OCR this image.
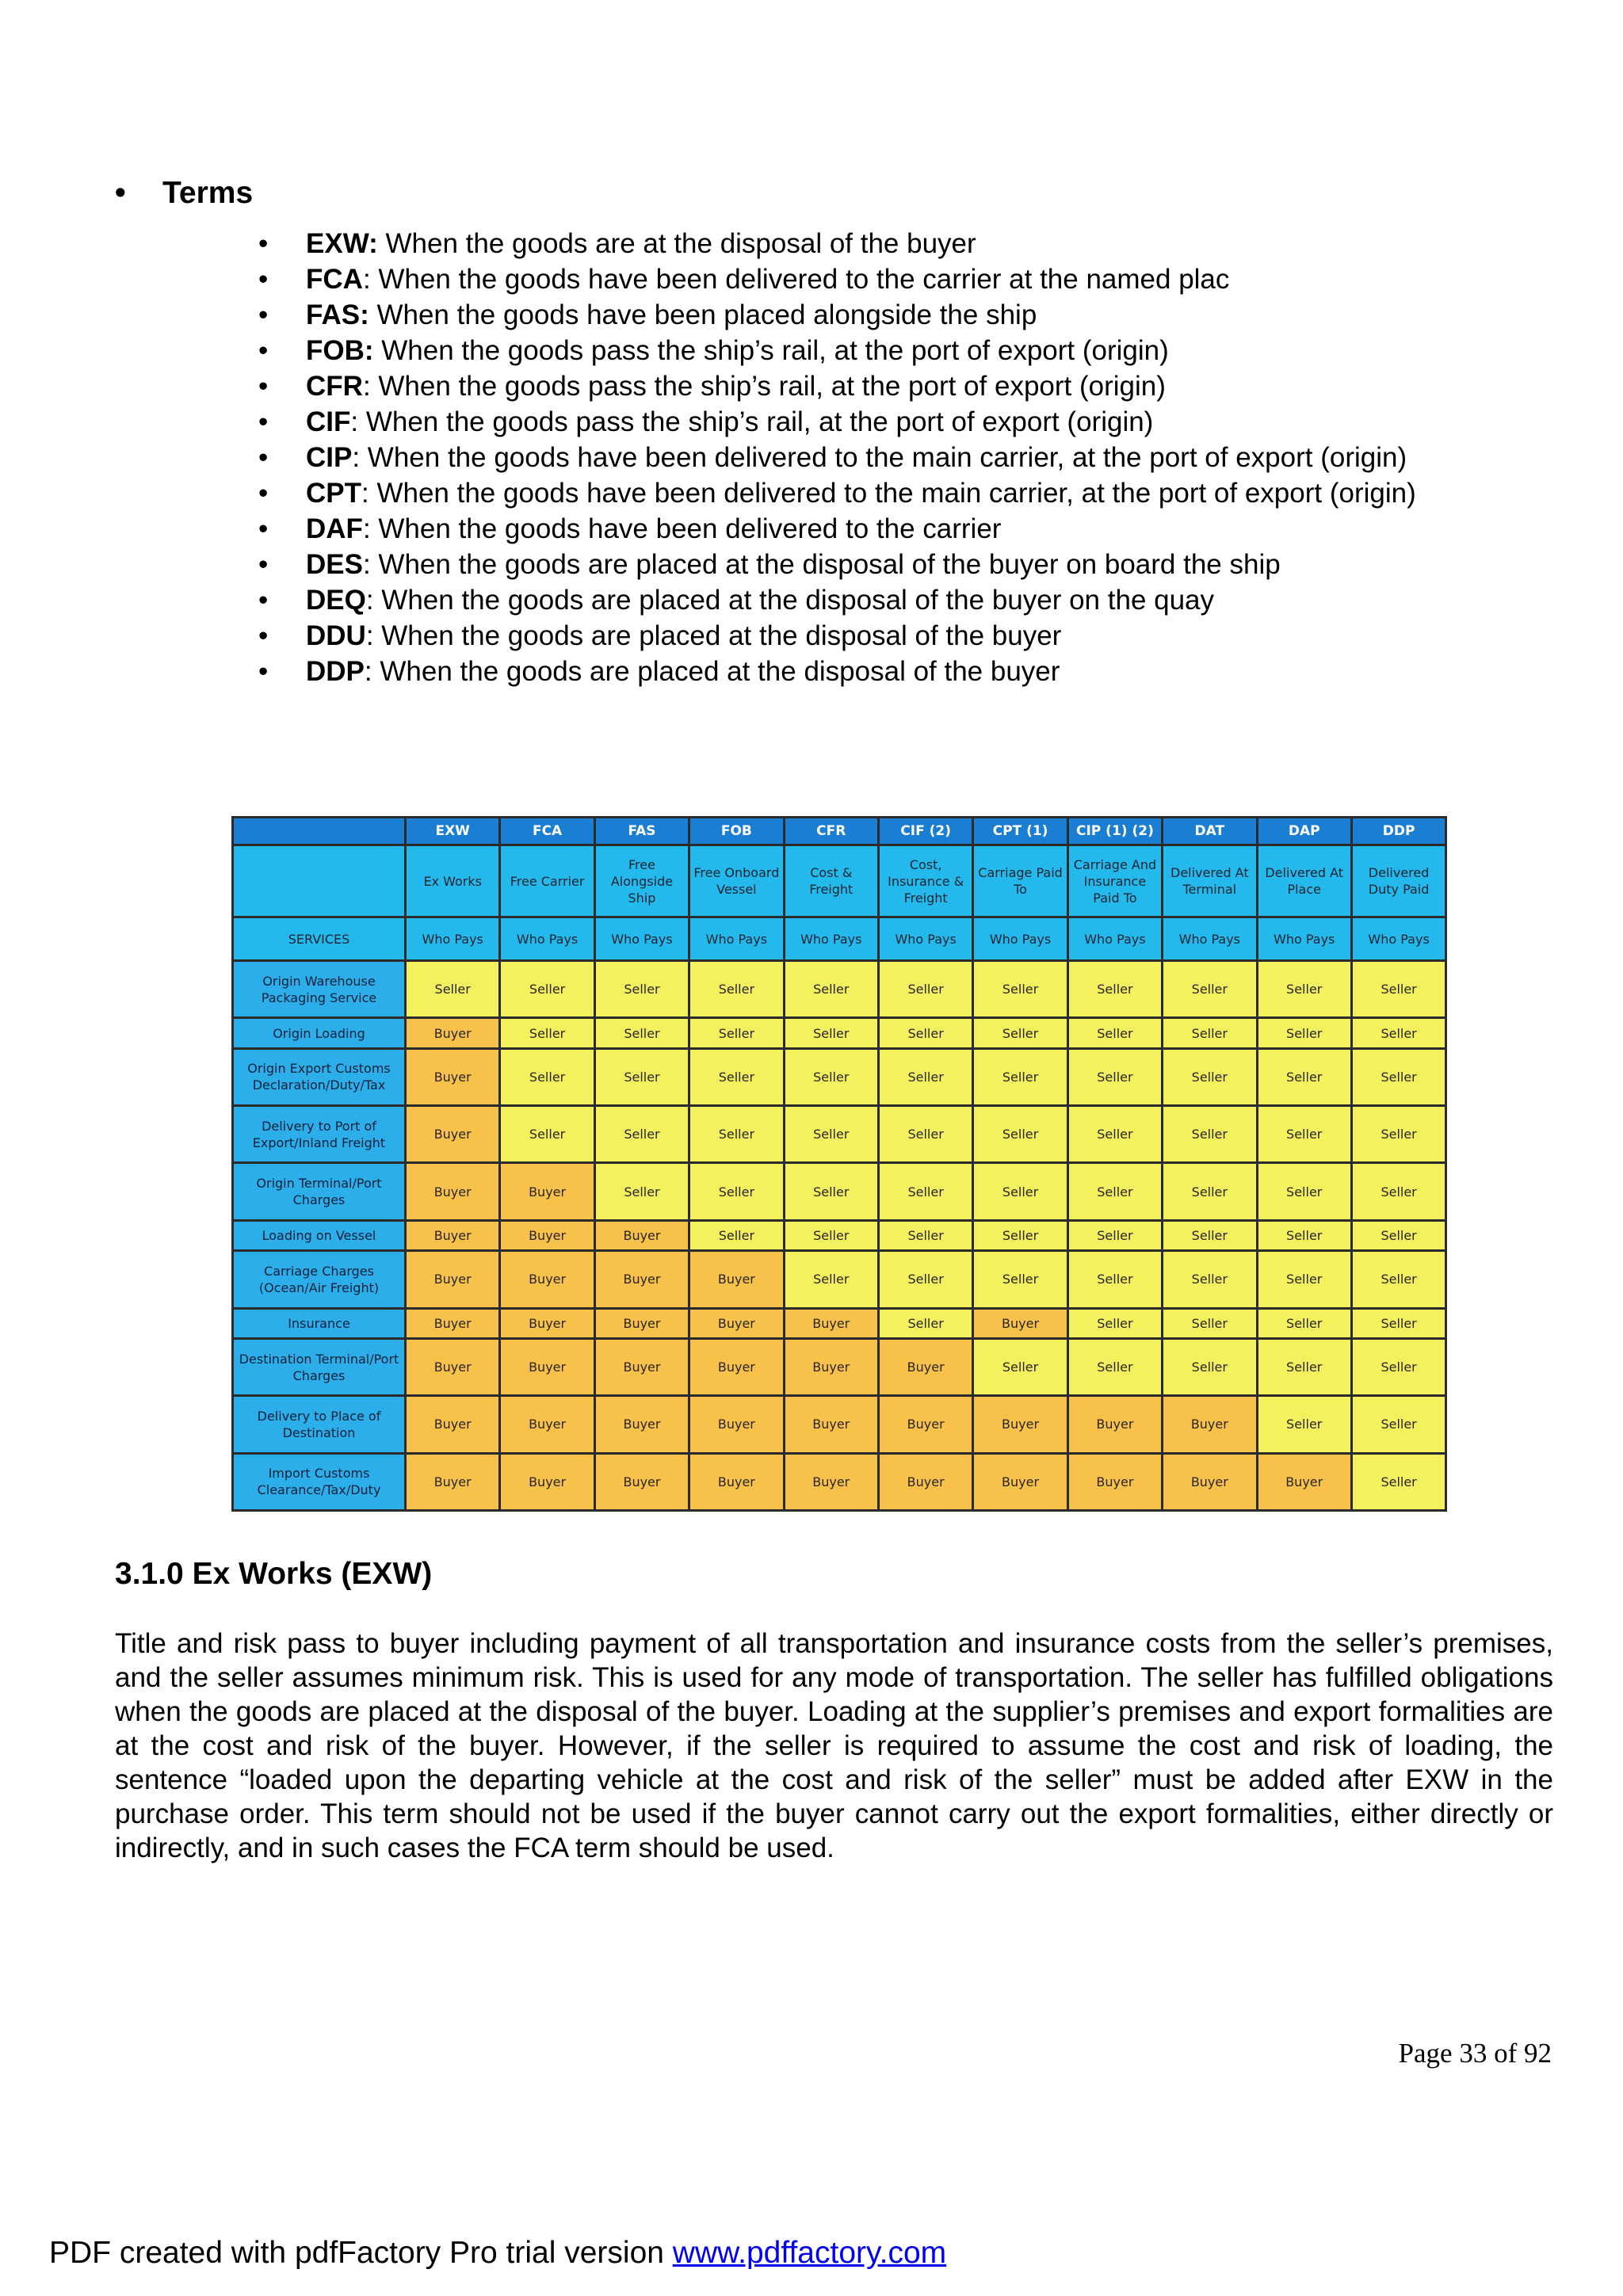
• Terms
• EXW: When the goods are at the disposal of the buyer
• FCA: When the goods have been delivered to the carrier at the named plac
• FAS: When the goods have been placed alongside the ship
• FOB: When the goods pass the ship’s rail, at the port of export (origin)
• CFR: When the goods pass the ship’s rail, at the port of export (origin)
• CIF: When the goods pass the ship’s rail, at the port of export (origin)
• CIP: When the goods have been delivered to the main carrier, at the port of export (origin)
• CPT: When the goods have been delivered to the main carrier, at the port of export (origin)
• DAF: When the goods have been delivered to the carrier
• DES: When the goods are placed at the disposal of the buyer on board the ship
• DEQ: When the goods are placed at the disposal of the buyer on the quay
• DDU: When the goods are placed at the disposal of the buyer
• DDP: When the goods are placed at the disposal of the buyer
	EXW	FCA	FAS	FOB	CFR	CIF (2)	CPT (1)	CIP (1) (2)	DAT	DAP	DDP
	Ex Works	Free Carrier	Free Alongside Ship	Free Onboard Vessel	Cost & Freight	Cost, Insurance & Freight	Carriage Paid To	Carriage And Insurance Paid To	Delivered At Terminal	Delivered At Place	Delivered Duty Paid
SERVICES	Who Pays	Who Pays	Who Pays	Who Pays	Who Pays	Who Pays	Who Pays	Who Pays	Who Pays	Who Pays	Who Pays
Origin Warehouse Packaging Service	Seller	Seller	Seller	Seller	Seller	Seller	Seller	Seller	Seller	Seller	Seller
Origin Loading	Buyer	Seller	Seller	Seller	Seller	Seller	Seller	Seller	Seller	Seller	Seller
Origin Export Customs Declaration/Duty/Tax	Buyer	Seller	Seller	Seller	Seller	Seller	Seller	Seller	Seller	Seller	Seller
Delivery to Port of Export/Inland Freight	Buyer	Seller	Seller	Seller	Seller	Seller	Seller	Seller	Seller	Seller	Seller
Origin Terminal/Port Charges	Buyer	Buyer	Seller	Seller	Seller	Seller	Seller	Seller	Seller	Seller	Seller
Loading on Vessel	Buyer	Buyer	Buyer	Seller	Seller	Seller	Seller	Seller	Seller	Seller	Seller
Carriage Charges (Ocean/Air Freight)	Buyer	Buyer	Buyer	Buyer	Seller	Seller	Seller	Seller	Seller	Seller	Seller
Insurance	Buyer	Buyer	Buyer	Buyer	Buyer	Seller	Buyer	Seller	Seller	Seller	Seller
Destination Terminal/Port Charges	Buyer	Buyer	Buyer	Buyer	Buyer	Buyer	Seller	Seller	Seller	Seller	Seller
Delivery to Place of Destination	Buyer	Buyer	Buyer	Buyer	Buyer	Buyer	Buyer	Buyer	Buyer	Seller	Seller
Import Customs Clearance/Tax/Duty	Buyer	Buyer	Buyer	Buyer	Buyer	Buyer	Buyer	Buyer	Buyer	Buyer	Seller
3.1.0 Ex Works (EXW)
Title and risk pass to buyer including payment of all transportation and insurance costs from the seller’s premises, and the seller assumes minimum risk. This is used for any mode of transportation. The seller has fulfilled obligations when the goods are placed at the disposal of the buyer. Loading at the supplier’s premises and export formalities are at the cost and risk of the buyer. However, if the seller is required to assume the cost and risk of loading, the sentence “loaded upon the departing vehicle at the cost and risk of the seller” must be added after EXW in the purchase order. This term should not be used if the buyer cannot carry out the export formalities, either directly or indirectly, and in such cases the FCA term should be used.
Page 33 of 92
PDF created with pdfFactory Pro trial version www.pdffactory.com
